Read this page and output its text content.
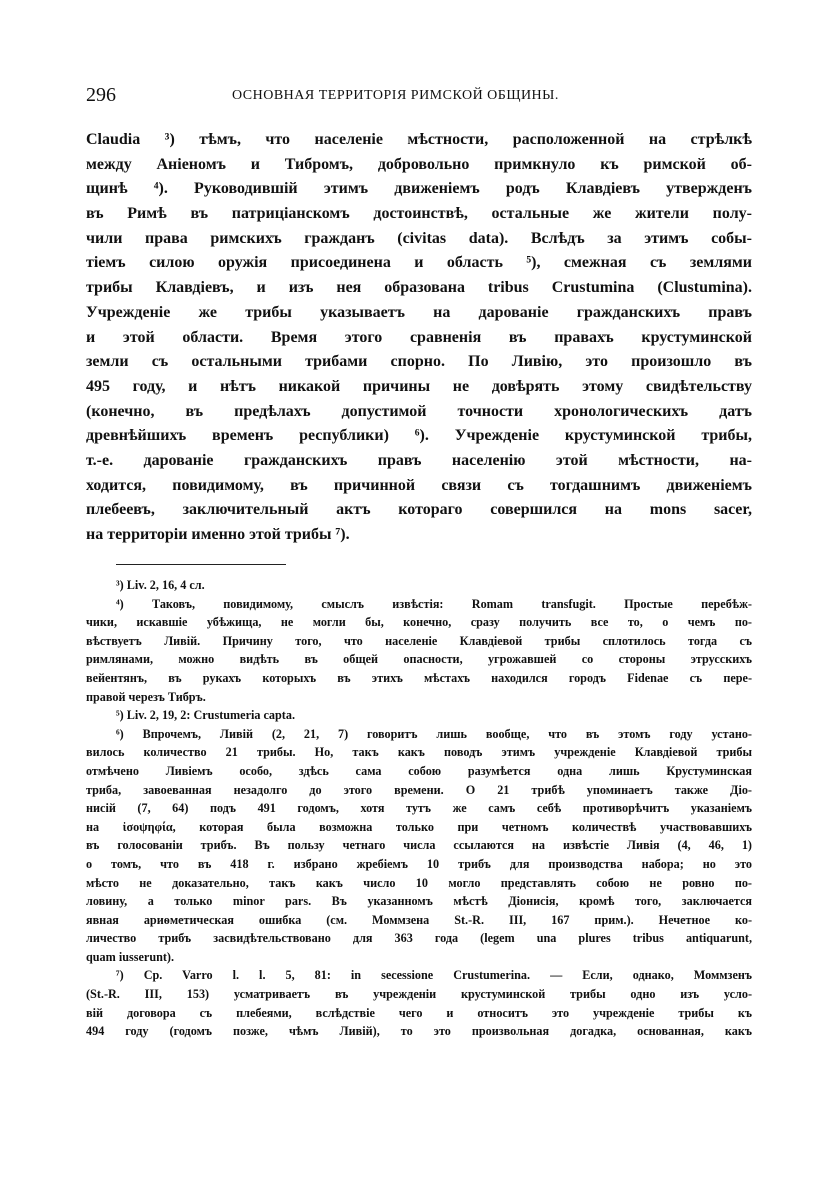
296	ОСНОВНАЯ ТЕРРИТОРІЯ РИМСКОЙ ОБЩИНЫ.
Claudia ³) тѣмъ, что населеніе мѣстности, расположенной на стрѣлкѣ
между Аніеномъ и Тибромъ, добровольно примкнуло къ римской об-
щинѣ ⁴). Руководившій этимъ движеніемъ родъ Клавдіевъ утвержденъ
въ Римѣ въ патриціанскомъ достоинствѣ, остальные же жители полу-
чили права римскихъ гражданъ (civitas data). Вслѣдъ за этимъ собы-
тіемъ силою оружія присоединена и область ⁵), смежная съ землями
трибы Клавдіевъ, и изъ нея образована tribus Crustumina (Clustumina).
Учрежденіе же трибы указываетъ на дарованіе гражданскихъ правъ
и этой области. Время этого сравненія въ правахъ крустуминской
земли съ остальными трибами спорно. По Ливію, это произошло въ
495 году, и нѣтъ никакой причины не довѣрять этому свидѣтельству
(конечно, въ предѣлахъ допустимой точности хронологическихъ датъ
древнѣйшихъ временъ республики) ⁶). Учрежденіе крустуминской трибы,
т.-е. дарованіе гражданскихъ правъ населенію этой мѣстности, на-
ходится, повидимому, въ причинной связи съ тогдашнимъ движеніемъ
плебеевъ, заключительный актъ котораго совершился на mons sacer,
на территоріи именно этой трибы ⁷).
³) Liv. 2, 16, 4 сл.
⁴) Таковъ, повидимому, смыслъ извѣстія: Romam transfugit. Простые перебѣж-
чики, искавшіе убѣжища, не могли бы, конечно, сразу получить все то, о чемъ по-
вѣствуетъ Ливій. Причину того, что населеніе Клавдіевой трибы сплотилось тогда съ
римлянами, можно видѣть въ общей опасности, угрожавшей со стороны этрусскихъ
вейентянъ, въ рукахъ которыхъ въ этихъ мѣстахъ находился городъ Fidenae съ пере-
правой черезъ Тибръ.
⁵) Liv. 2, 19, 2: Crustumeria capta.
⁶) Впрочемъ, Ливій (2, 21, 7) говоритъ лишь вообще, что въ этомъ году устано-
вилось количество 21 трибы. Но, такъ какъ поводъ этимъ учрежденіе Клавдіевой трибы
отмѣчено Ливіемъ особо, здѣсь сама собою разумѣется одна лишь Крустуминская
триба, завоеванная незадолго до этого времени. О 21 трибѣ упоминаетъ также Діо-
нисій (7, 64) подъ 491 годомъ, хотя тутъ же самъ себѣ противорѣчитъ указаніемъ
на ἰσοψηφία, которая была возможна только при четномъ количествѣ участвовавшихъ
въ голосованіи трибъ. Въ пользу четнаго числа ссылаются на извѣстіе Ливія (4, 46, 1)
о томъ, что въ 418 г. избрано жребіемъ 10 трибъ для производства набора; но это
мѣсто не доказательно, такъ какъ число 10 могло представлять собою не ровно по-
ловину, а только minor pars. Въ указанномъ мѣстѣ Діонисія, кромѣ того, заключается
явная ариѳметическая ошибка (см. Моммзена St.-R. III, 167 прим.). Нечетное ко-
личество трибъ засвидѣтельствовано для 363 года (legem una plures tribus antiquarunt,
quam iusserunt).
⁷) Cp. Varro l. l. 5, 81: in secessione Crustumerina. — Если, однако, Моммзенъ
(St.-R. III, 153) усматриваетъ въ учрежденіи крустуминской трибы одно изъ усло-
вій договора съ плебеями, вслѣдствіе чего и относитъ это учрежденіе трибы къ
494 году (годомъ позже, чѣмъ Ливій), то это произвольная догадка, основанная, какъ
